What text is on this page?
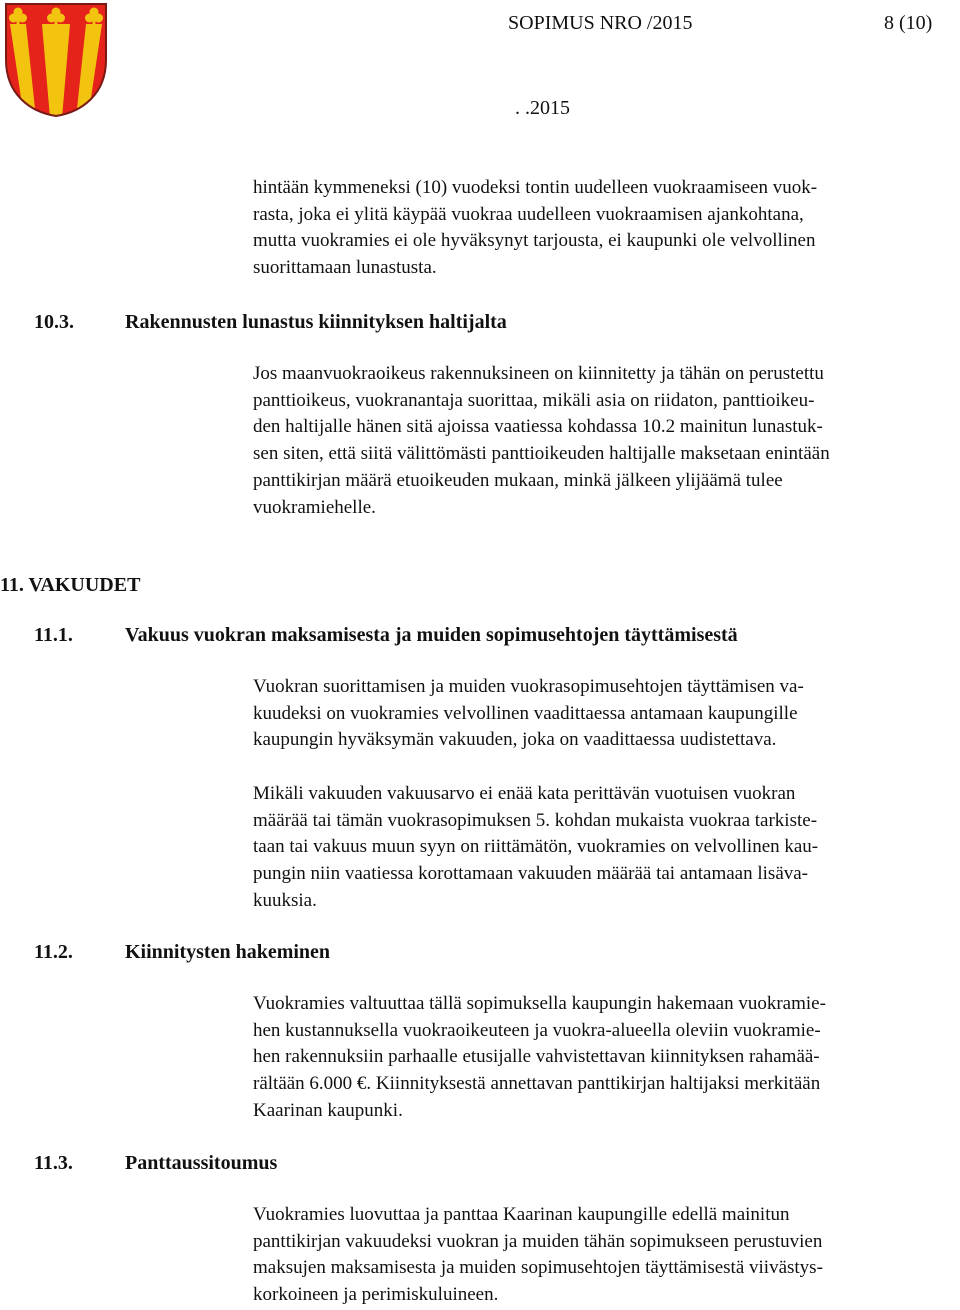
SOPIMUS NRO /2015	8 (10)
. .2015

hintään kymmeneksi (10) vuodeksi tontin uudelleen vuokraamiseen vuok-
rasta, joka ei ylitä käypää vuokraa uudelleen vuokraamisen ajankohtana,
mutta vuokramies ei ole hyväksynyt tarjousta, ei kaupunki ole velvollinen
suorittamaan lunastusta.

10.3.	Rakennusten lunastus kiinnityksen haltijalta

Jos maanvuokraoikeus rakennuksineen on kiinnitetty ja tähän on perustettu
panttioikeus, vuokranantaja suorittaa, mikäli asia on riidaton, panttioikeu-
den haltijalle hänen sitä ajoissa vaatiessa kohdassa 10.2 mainitun lunastuk-
sen siten, että siitä välittömästi panttioikeuden haltijalle maksetaan enintään
panttikirjan määrä etuoikeuden mukaan, minkä jälkeen ylijäämä tulee
vuokramiehelle.

11. VAKUUDET
11.1.	Vakuus vuokran maksamisesta ja muiden sopimusehtojen täyttämisestä

Vuokran suorittamisen ja muiden vuokrasopimusehtojen täyttämisen va-
kuudeksi on vuokramies velvollinen vaadittaessa antamaan kaupungille
kaupungin hyväksymän vakuuden, joka on vaadittaessa uudistettava.

Mikäli vakuuden vakuusarvo ei enää kata perittävän vuotuisen vuokran
määrää tai tämän vuokrasopimuksen 5. kohdan mukaista vuokraa tarkiste-
taan tai vakuus muun syyn on riittämätön, vuokramies on velvollinen kau-
pungin niin vaatiessa korottamaan vakuuden määrää tai antamaan lisäva-
kuuksia.

11.2.	Kiinnitysten hakeminen

Vuokramies valtuuttaa tällä sopimuksella kaupungin hakemaan vuokramie-
hen kustannuksella vuokraoikeuteen ja vuokra-alueella oleviin vuokramie-
hen rakennuksiin parhaalle etusijalle vahvistettavan kiinnityksen rahamää-
rältään 6.000 €. Kiinnityksestä annettavan panttikirjan haltijaksi merkitään
Kaarinan kaupunki.

11.3.	Panttaussitoumus

Vuokramies luovuttaa ja panttaa Kaarinan kaupungille edellä mainitun
panttikirjan vakuudeksi vuokran ja muiden tähän sopimukseen perustuvien
maksujen maksamisesta ja muiden sopimusehtojen täyttämisestä viivästys-
korkoineen ja perimiskuluineen.
